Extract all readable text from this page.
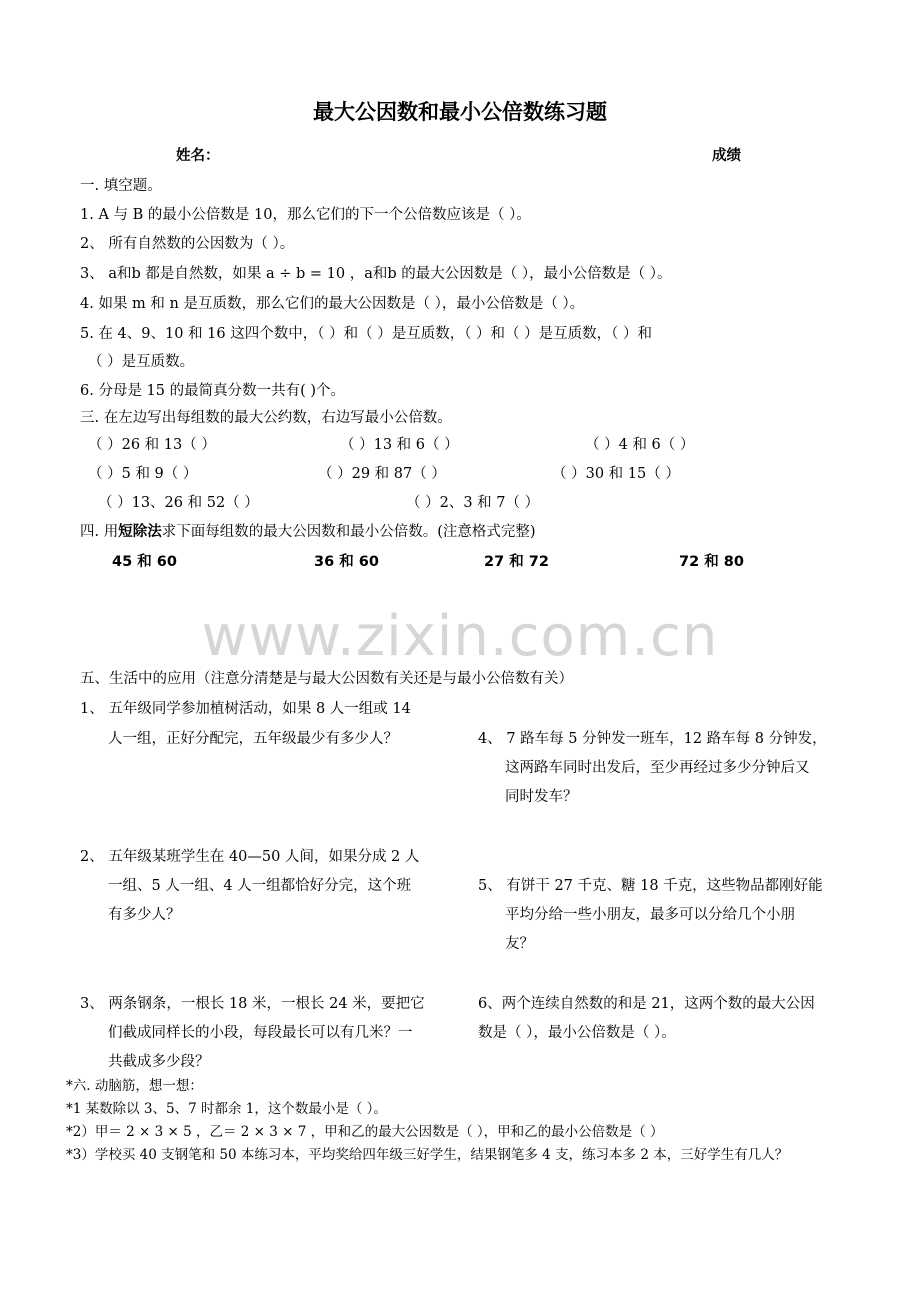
最大公因数和最小公倍数练习题
姓名：	成绩
一. 填空题。
1. A 与 B 的最小公倍数是 10，那么它们的下一个公倍数应该是（ ）。
2、 所有自然数的公因数为（ ）。
3、 a和b 都是自然数，如果 a ÷ b = 10 ，a和b 的最大公因数是（ ），最小公倍数是（ ）。
4. 如果 m 和 n 是互质数，那么它们的最大公因数是（ ），最小公倍数是（ ）。
5. 在 4、9、10 和 16 这四个数中，（ ）和（ ）是互质数，（ ）和（ ）是互质数，（ ）和
（ ）是互质数。
6. 分母是 15 的最简真分数一共有( )个。
三. 在左边写出每组数的最大公约数，右边写最小公倍数。
（ ）26 和 13（ ）	（ ）13 和 6（ ）	（ ）4 和 6（ ）
（ ）5 和 9（ ）	（ ）29 和 87（ ）	（ ）30 和 15（ ）
（ ）13、26 和 52（ ）	（ ）2、3 和 7（ ）
四. 用短除法求下面每组数的最大公因数和最小公倍数。(注意格式完整)
45 和 60	36 和 60	27 和 72	72 和 80
www.zixin.com.cn
五、生活中的应用（注意分清楚是与最大公因数有关还是与最小公倍数有关）
1、 五年级同学参加植树活动，如果 8 人一组或 14
人一组，正好分配完，五年级最少有多少人？	4、 7 路车每 5 分钟发一班车，12 路车每 8 分钟发，
这两路车同时出发后，至少再经过多少分钟后又
同时发车？
2、 五年级某班学生在 40—50 人间，如果分成 2 人
一组、5 人一组、4 人一组都恰好分完，这个班
有多少人？
5、 有饼干 27 千克、糖 18 千克，这些物品都刚好能
平均分给一些小朋友，最多可以分给几个小朋
友？
3、 两条钢条，一根长 18 米，一根长 24 米，要把它
们截成同样长的小段，每段最长可以有几米？一
共截成多少段？
6、两个连续自然数的和是 21，这两个数的最大公因
数是（ ），最小公倍数是（ ）。
*六. 动脑筋，想一想：
*1 某数除以 3、5、7 时都余 1，这个数最小是（ ）。
*2）甲＝ 2 × 3 × 5 ，乙＝ 2 × 3 × 7 ，甲和乙的最大公因数是（ ），甲和乙的最小公倍数是（ ）
*3）学校买 40 支钢笔和 50 本练习本，平均奖给四年级三好学生，结果钢笔多 4 支，练习本多 2 本，三好学生有几人？
